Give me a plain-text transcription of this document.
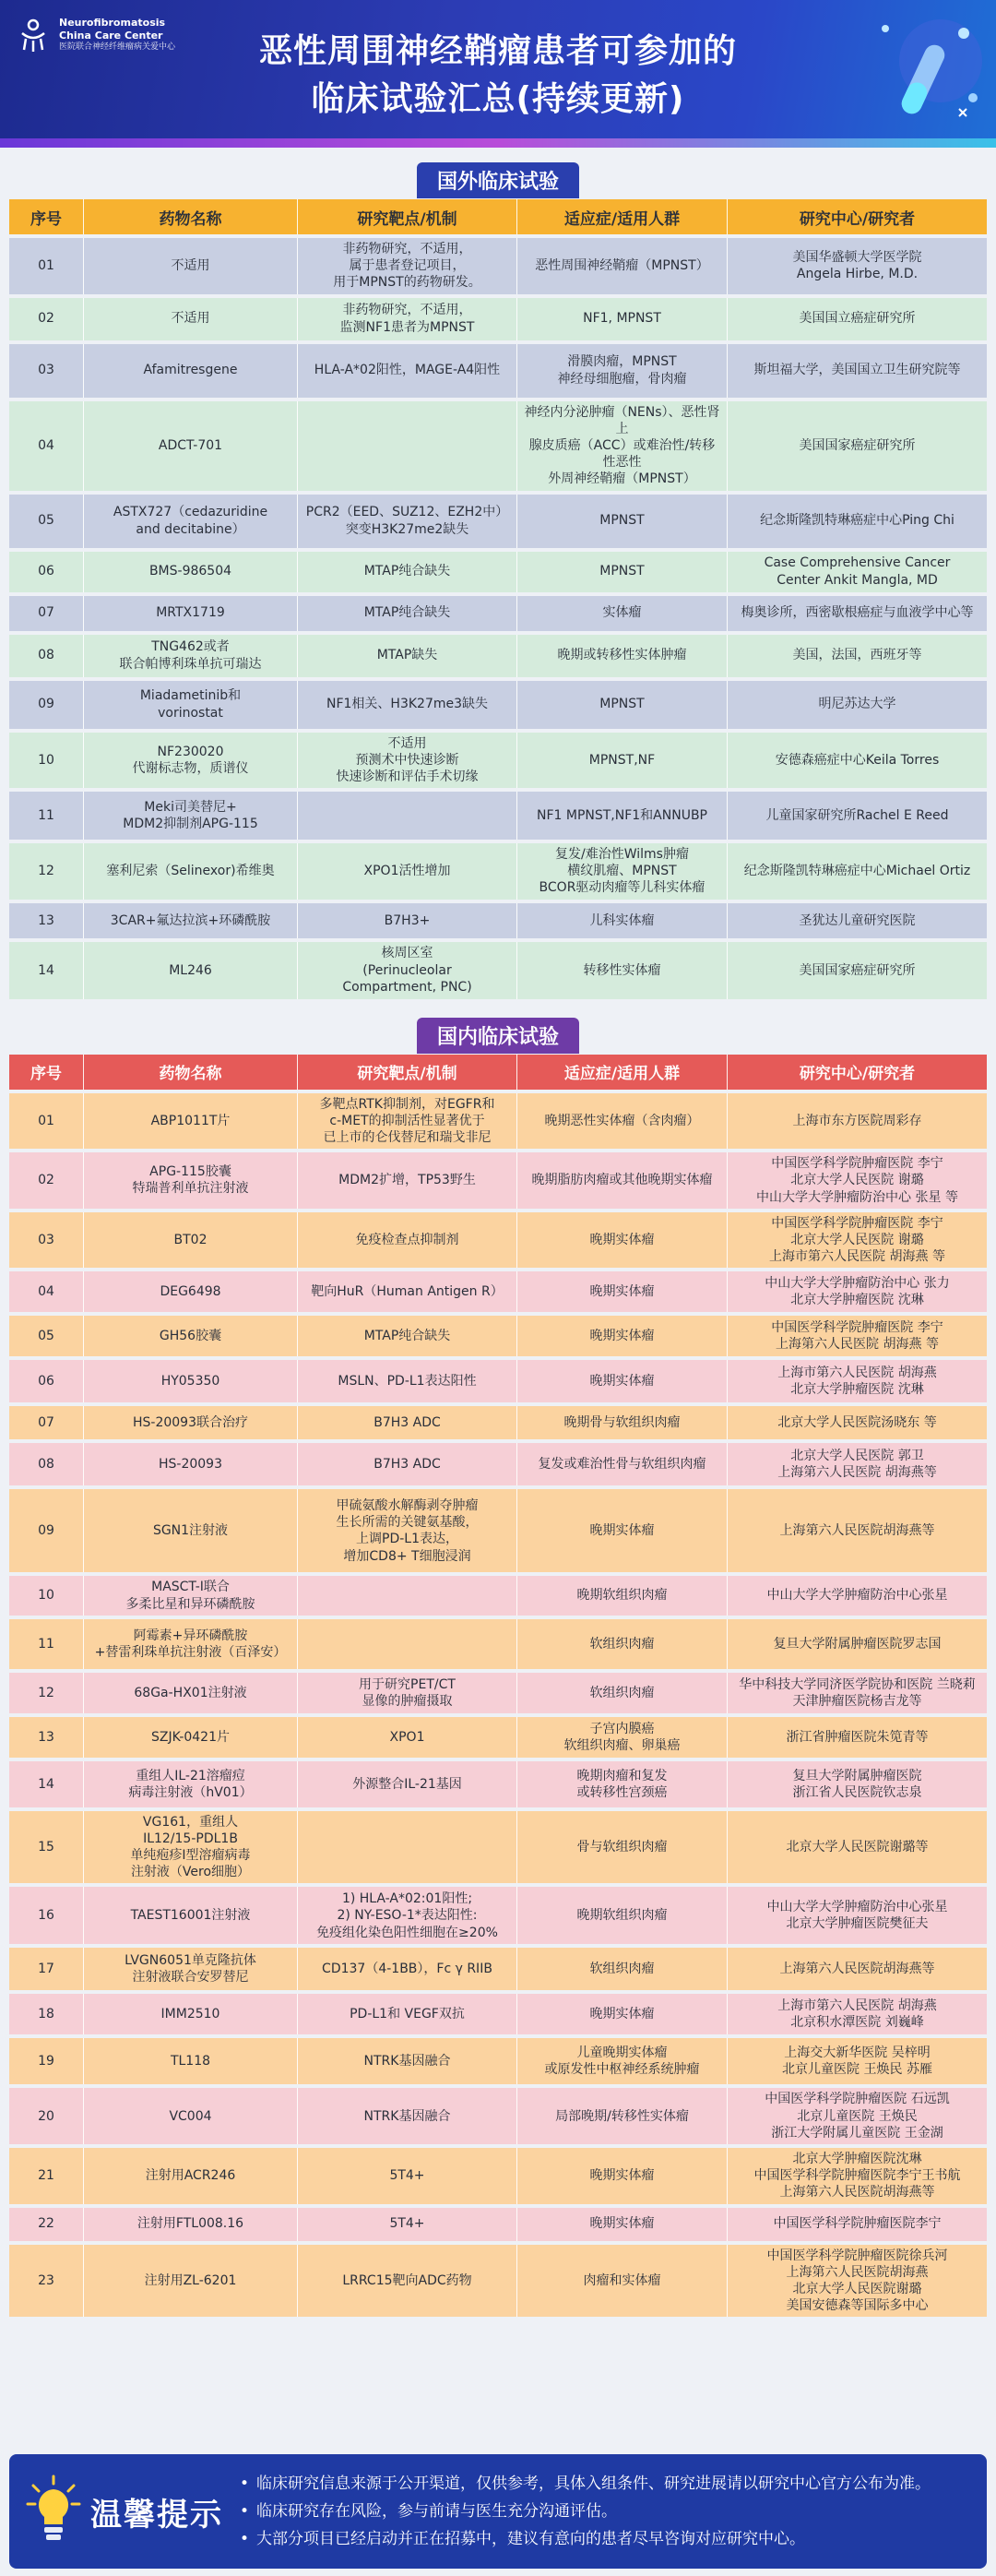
Neurofibromatosis
China Care Center
医院联合神经纤维瘤病关爱中心	恶性周围神经鞘瘤患者可参加的
临床试验汇总(持续更新)
国外临床试验
序号	药物名称	研究靶点/机制	适应症/适用人群	研究中心/研究者
01	不适用	非药物研究，不适用，
属于患者登记项目，
用于MPNST的药物研发。	恶性周围神经鞘瘤（MPNST）	美国华盛顿大学医学院
Angela Hirbe, M.D.
02	不适用	非药物研究，不适用，
监测NF1患者为MPNST	NF1, MPNST	美国国立癌症研究所
03	Afamitresgene	HLA-A*02阳性，MAGE-A4阳性	滑膜肉瘤，MPNST
神经母细胞瘤，骨肉瘤	斯坦福大学，美国国立卫生研究院等
04	ADCT-701		神经内分泌肿瘤（NENs）、恶性肾上
腺皮质癌（ACC）或难治性/转移性恶性
外周神经鞘瘤（MPNST）	美国国家癌症研究所
05	ASTX727（cedazuridine
and decitabine）	PCR2（EED、SUZ12、EZH2中）
突变H3K27me2缺失	MPNST	纪念斯隆凯特琳癌症中心Ping Chi
06	BMS-986504	MTAP纯合缺失	MPNST	Case Comprehensive Cancer
Center Ankit Mangla, MD
07	MRTX1719	MTAP纯合缺失	实体瘤	梅奥诊所，西密歇根癌症与血液学中心等
08	TNG462或者
联合帕博利珠单抗可瑞达	MTAP缺失	晚期或转移性实体肿瘤	美国，法国，西班牙等
09	Miadametinib和
vorinostat	NF1相关、H3K27me3缺失	MPNST	明尼苏达大学
10	NF230020
代谢标志物，质谱仪	不适用
预测术中快速诊断
快速诊断和评估手术切缘	MPNST,NF	安德森癌症中心Keila Torres
11	Meki司美替尼+
MDM2抑制剂APG-115		NF1 MPNST,NF1和ANNUBP	儿童国家研究所Rachel E Reed
12	塞利尼索（Selinexor)希维奥	XPO1活性增加	复发/难治性Wilms肿瘤
横纹肌瘤、MPNST
BCOR驱动肉瘤等儿科实体瘤	纪念斯隆凯特琳癌症中心Michael Ortiz
13	3CAR+氟达拉滨+环磷酰胺	B7H3+	儿科实体瘤	圣犹达儿童研究医院
14	ML246	核周区室
(Perinucleolar
Compartment, PNC)	转移性实体瘤	美国国家癌症研究所
国内临床试验
序号	药物名称	研究靶点/机制	适应症/适用人群	研究中心/研究者
01	ABP1011T片	多靶点RTK抑制剂，对EGFR和
c-MET的抑制活性显著优于
已上市的仑伐替尼和瑞戈非尼	晚期恶性实体瘤（含肉瘤）	上海市东方医院周彩存
02	APG-115胶囊
特瑞普利单抗注射液	MDM2扩增，TP53野生	晚期脂肪肉瘤或其他晚期实体瘤	中国医学科学院肿瘤医院 李宁
北京大学人民医院 谢璐
中山大学大学肿瘤防治中心 张星 等
03	BT02	免疫检查点抑制剂	晚期实体瘤	中国医学科学院肿瘤医院 李宁
北京大学人民医院 谢璐
上海市第六人民医院 胡海燕 等
04	DEG6498	靶向HuR（Human Antigen R）	晚期实体瘤	中山大学大学肿瘤防治中心 张力
北京大学肿瘤医院 沈琳
05	GH56胶囊	MTAP纯合缺失	晚期实体瘤	中国医学科学院肿瘤医院 李宁
上海第六人民医院 胡海燕 等
06	HY05350	MSLN、PD-L1表达阳性	晚期实体瘤	上海市第六人民医院 胡海燕
北京大学肿瘤医院 沈琳
07	HS-20093联合治疗	B7H3 ADC	晚期骨与软组织肉瘤	北京大学人民医院汤晓东 等
08	HS-20093	B7H3 ADC	复发或难治性骨与软组织肉瘤	北京大学人民医院 郭卫
上海第六人民医院 胡海燕等
09	SGN1注射液	甲硫氨酸水解酶剥夺肿瘤
生长所需的关键氨基酸，
上调PD-L1表达，
增加CD8+ T细胞浸润	晚期实体瘤	上海第六人民医院胡海燕等
10	MASCT-I联合
多柔比星和异环磷酰胺		晚期软组织肉瘤	中山大学大学肿瘤防治中心张星
11	阿霉素+异环磷酰胺
+替雷利珠单抗注射液（百泽安）		软组织肉瘤	复旦大学附属肿瘤医院罗志国
12	68Ga-HX01注射液	用于研究PET/CT
显像的肿瘤摄取	软组织肉瘤	华中科技大学同济医学院协和医院 兰晓莉
天津肿瘤医院杨吉龙等
13	SZJK-0421片	XPO1	子宫内膜癌
软组织肉瘤、卵巢癌	浙江省肿瘤医院朱笕青等
14	重组人IL-21溶瘤痘
病毒注射液（hV01）	外源整合IL-21基因	晚期肉瘤和复发
或转移性宫颈癌	复旦大学附属肿瘤医院
浙江省人民医院钦志泉
15	VG161，重组人
IL12/15-PDL1B
单纯疱疹I型溶瘤病毒
注射液（Vero细胞）		骨与软组织肉瘤	北京大学人民医院谢璐等
16	TAEST16001注射液	1) HLA-A*02:01阳性;
2) NY-ESO-1*表达阳性:
免疫组化染色阳性细胞在≥20%	晚期软组织肉瘤	中山大学大学肿瘤防治中心张星
北京大学肿瘤医院樊征夫
17	LVGN6051单克隆抗体
注射液联合安罗替尼	CD137（4-1BB），Fc γ RIIB	软组织肉瘤	上海第六人民医院胡海燕等
18	IMM2510	PD-L1和 VEGF双抗	晚期实体瘤	上海市第六人民医院 胡海燕
北京积水潭医院 刘巍峰
19	TL118	NTRK基因融合	儿童晚期实体瘤
或原发性中枢神经系统肿瘤	上海交大新华医院 吴梓明
北京儿童医院 王焕民 苏雁
20	VC004	NTRK基因融合	局部晚期/转移性实体瘤	中国医学科学院肿瘤医院 石远凯
北京儿童医院 王焕民
浙江大学附属儿童医院 王金湖
21	注射用ACR246	5T4+	晚期实体瘤	北京大学肿瘤医院沈琳
中国医学科学院肿瘤医院李宁王书航
上海第六人民医院胡海燕等
22	注射用FTL008.16	5T4+	晚期实体瘤	中国医学科学院肿瘤医院李宁
23	注射用ZL-6201	LRRC15靶向ADC药物	肉瘤和实体瘤	中国医学科学院肿瘤医院徐兵河
上海第六人民医院胡海燕
北京大学人民医院谢璐
美国安德森等国际多中心
温馨提示
• 临床研究信息来源于公开渠道，仅供参考，具体入组条件、研究进展请以研究中心官方公布为准。
• 临床研究存在风险，参与前请与医生充分沟通评估。
• 大部分项目已经启动并正在招募中，建议有意向的患者尽早咨询对应研究中心。
